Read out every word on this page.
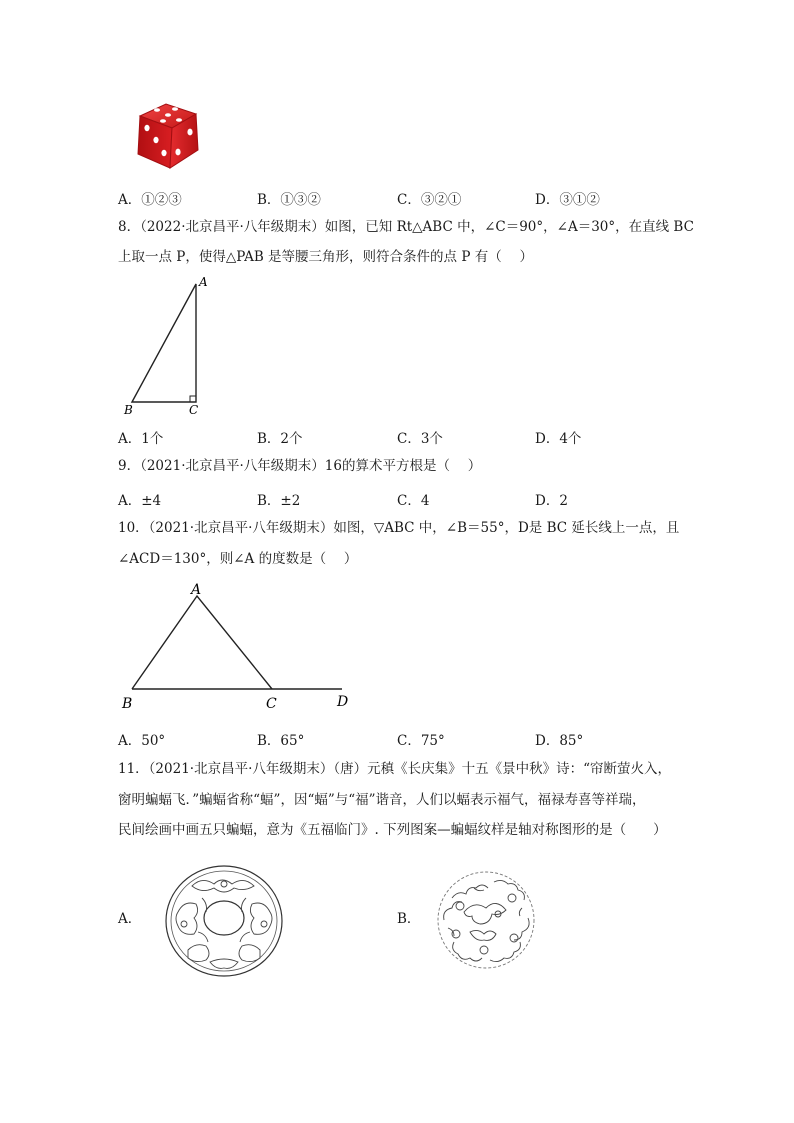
A．①②③	B．①③②	C．③②①	D．③①②
8．（2022·北京昌平·八年级期末）如图，已知 Rt△ABC 中，∠C＝90°，∠A＝30°，在直线 BC
上取一点 P，使得△PAB 是等腰三角形，则符合条件的点 P 有（　 ）
A
B	C
A．1个	B．2个	C．3个	D．4个
9．（2021·北京昌平·八年级期末）16的算术平方根是（　 ）
A．±4	B．±2	C．4	D．2
10．（2021·北京昌平·八年级期末）如图，▽ABC 中，∠B＝55°，D是 BC 延长线上一点，且
∠ACD＝130°，则∠A 的度数是（　 ）
A
B	C	D
A．50°	B．65°	C．75°	D．85°
11．（2021·北京昌平·八年级期末）（唐）元稹《长庆集》十五《景中秋》诗：“帘断萤火入，
窗明蝙蝠飞．”蝙蝠省称“蝠”，因“蝠”与“福”谐音，人们以蝠表示福气，福禄寿喜等祥瑞，
民间绘画中画五只蝙蝠，意为《五福临门》. 下列图案—蝙蝠纹样是轴对称图形的是（　　）
A．	B．
